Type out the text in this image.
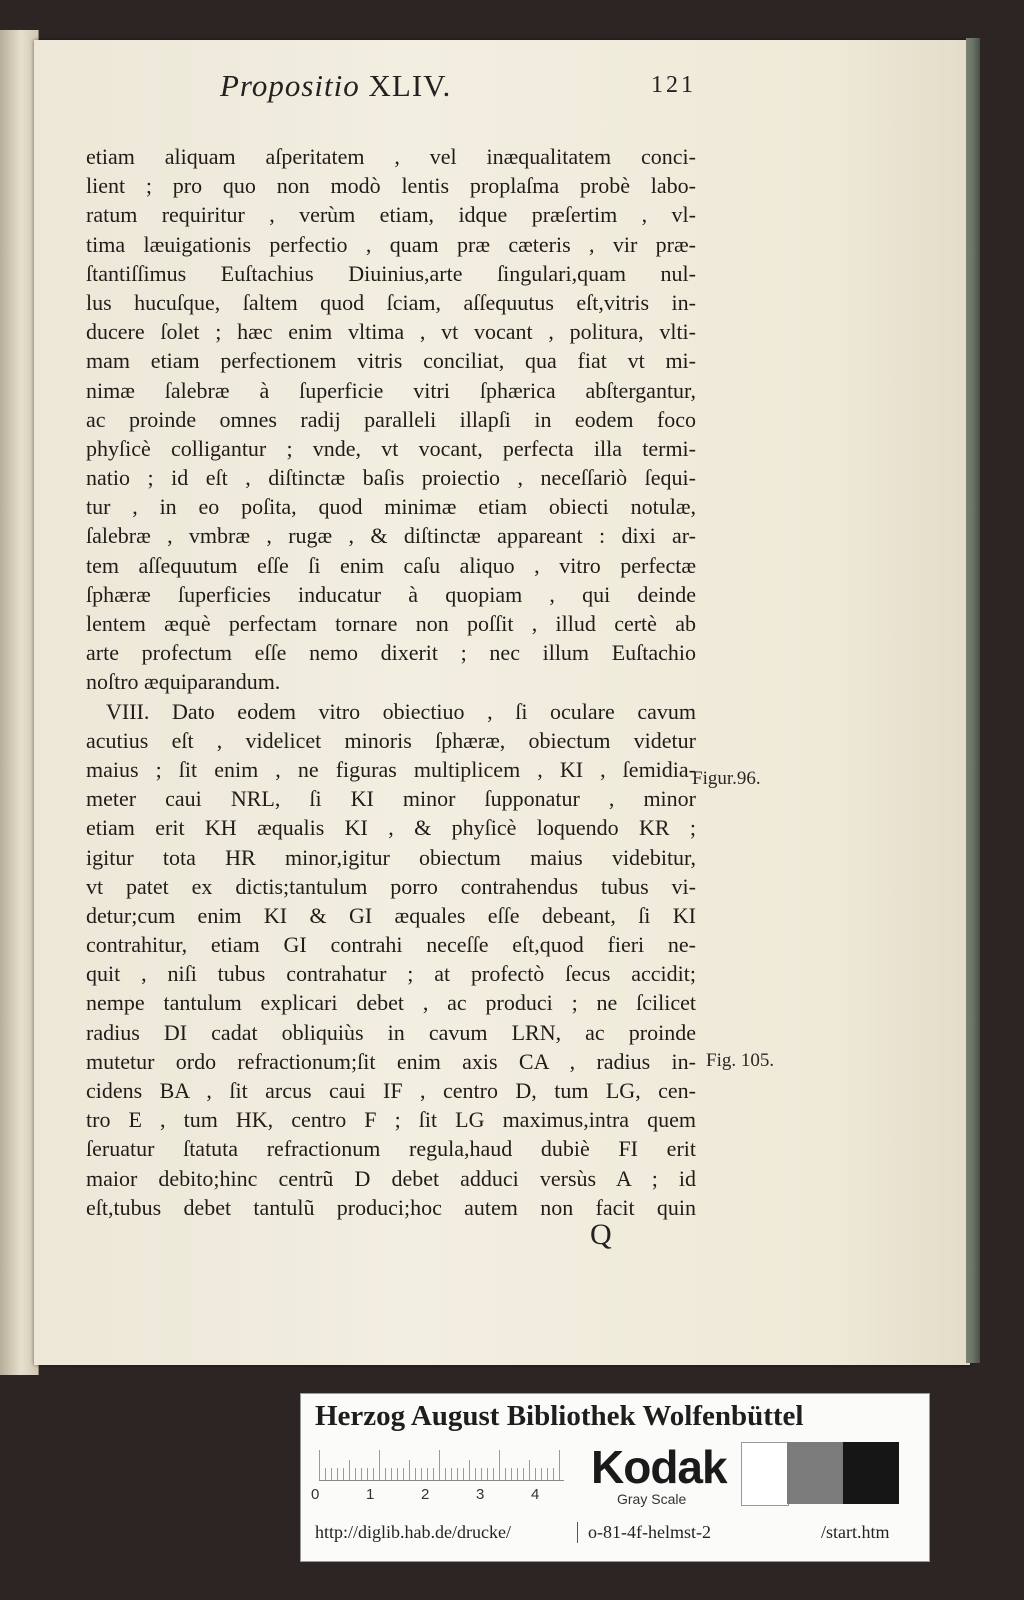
Propositio XLIV.	121
etiam aliquam aſperitatem , vel inæqualitatem conci-
lient ; pro quo non modò lentis proplaſma probè labo-
ratum requiritur , verùm etiam, idque præſertim , vl-
tima læuigationis perfectio , quam præ cæteris , vir præ-
ſtantiſſimus Euſtachius Diuinius,arte ſingulari,quam nul-
lus hucuſque, ſaltem quod ſciam, aſſequutus eſt,vitris in-
ducere ſolet ; hæc enim vltima , vt vocant , politura, vlti-
mam etiam perfectionem vitris conciliat, qua fiat vt mi-
nimæ ſalebræ à ſuperficie vitri ſphærica abſtergantur,
ac proinde omnes radij paralleli illapſi in eodem foco
phyſicè colligantur ; vnde, vt vocant, perfecta illa termi-
natio ; id eſt , diſtinctæ baſis proiectio , neceſſariò ſequi-
tur , in eo poſita, quod minimæ etiam obiecti notulæ,
ſalebræ , vmbræ , rugæ , & diſtinctæ appareant : dixi ar-
tem aſſequutum eſſe ſi enim caſu aliquo , vitro perfectæ
ſphæræ ſuperficies inducatur à quopiam , qui deinde
lentem æquè perfectam tornare non poſſit , illud certè ab
arte profectum eſſe nemo dixerit ; nec illum Euſtachio
noſtro æquiparandum.
VIII. Dato eodem vitro obiectiuo , ſi oculare cavum
acutius eſt , videlicet minoris ſphæræ, obiectum videtur
maius ; ſit enim , ne figuras multiplicem , KI , ſemidia-
meter caui NRL, ſi KI minor ſupponatur , minor
etiam erit KH æqualis KI , & phyſicè loquendo KR ;
igitur tota HR minor,igitur obiectum maius videbitur,
vt patet ex dictis;tantulum porro contrahendus tubus vi-
detur;cum enim KI & GI æquales eſſe debeant, ſi KI
contrahitur, etiam GI contrahi neceſſe eſt,quod fieri ne-
quit , niſi tubus contrahatur ; at profectò ſecus accidit;
nempe tantulum explicari debet , ac produci ; ne ſcilicet
radius DI cadat obliquiùs in cavum LRN, ac proinde
mutetur ordo refractionum;ſit enim axis CA , radius in-
cidens BA , ſit arcus caui IF , centro D, tum LG, cen-
tro E , tum HK, centro F ; ſit LG maximus,intra quem
ſeruatur ſtatuta refractionum regula,haud dubiè FI erit
maior debito;hinc centrũ D debet adduci versùs A ; id
eſt,tubus debet tantulũ produci;hoc autem non facit quin
Figur.96.
Fig. 105.
Q
Herzog August Bibliothek Wolfenbüttel
Kodak
Gray Scale
http://diglib.hab.de/drucke/	o-81-4f-helmst-2	/start.htm
0	1	2	3	4
